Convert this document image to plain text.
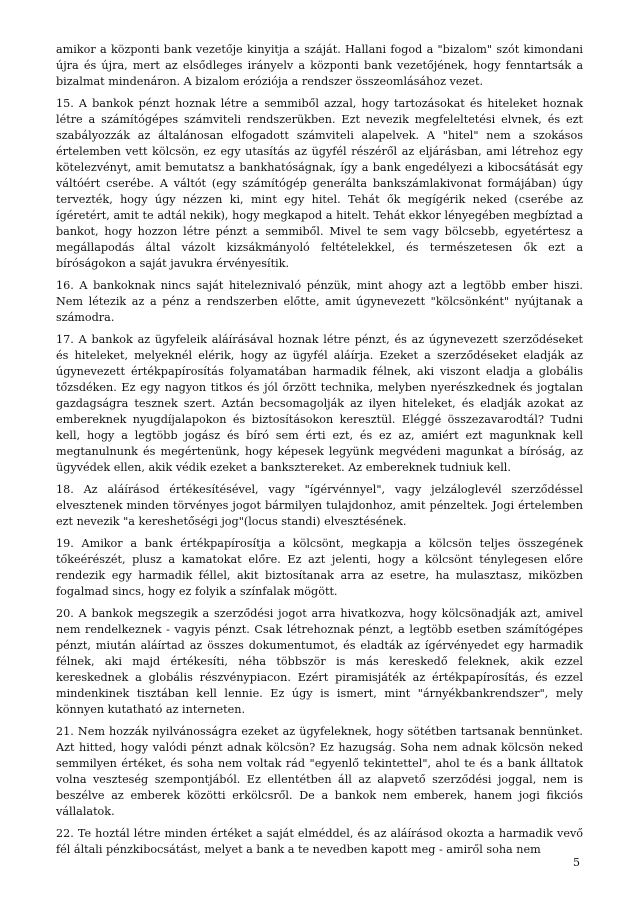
amikor a központi bank vezetője kinyitja a száját. Hallani fogod a "bizalom" szót kimondani újra és újra, mert az elsődleges irányelv a központi bank vezetőjének, hogy fenntartsák a bizalmat mindenáron. A bizalom eróziója a rendszer összeomlásához vezet.

15. A bankok pénzt hoznak létre a semmiből azzal, hogy tartozásokat és hiteleket hoznak létre a számítógépes számviteli rendszerükben. Ezt nevezik megfeleltetési elvnek, és ezt szabályozzák az általánosan elfogadott számviteli alapelvek. A "hitel" nem a szokásos értelemben vett kölcsön, ez egy utasítás az ügyfél részéről az eljárásban, ami létrehoz egy kötelezvényt, amit bemutatsz a bankhatóságnak, így a bank engedélyezi a kibocsátását egy váltóért cserébe. A váltót (egy számítógép generálta bankszámlakivonat formájában) úgy tervezték, hogy úgy nézzen ki, mint egy hitel. Tehát ők megígérik neked (cserébe az ígéretért, amit te adtál nekik), hogy megkapod a hitelt. Tehát ekkor lényegében megbíztad a bankot, hogy hozzon létre pénzt a semmiből. Mivel te sem vagy bölcsebb, egyetértesz a megállapodás által vázolt kizsákmányoló feltételekkel, és természetesen ők ezt a bíróságokon a saját javukra érvényesítik.

16. A bankoknak nincs saját hiteleznivaló pénzük, mint ahogy azt a legtöbb ember hiszi. Nem létezik az a pénz a rendszerben előtte, amit úgynevezett "kölcsönként" nyújtanak a számodra.

17. A bankok az ügyfeleik aláírásával hoznak létre pénzt, és az úgynevezett szerződéseket és hiteleket, melyeknél elérik, hogy az ügyfél aláírja. Ezeket a szerződéseket eladják az úgynevezett értékpapírosítás folyamatában harmadik félnek, aki viszont eladja a globális tőzsdéken. Ez egy nagyon titkos és jól őrzött technika, melyben nyerészkednek és jogtalan gazdagságra tesznek szert. Aztán becsomagolják az ilyen hiteleket, és eladják azokat az embereknek nyugdíjalapokon és biztosításokon keresztül. Eléggé összezavarodtál? Tudni kell, hogy a legtöbb jogász és bíró sem érti ezt, és ez az, amiért ezt magunknak kell megtanulnunk és megértenünk, hogy képesek legyünk megvédeni magunkat a bíróság, az ügyvédek ellen, akik védik ezeket a banksztereket. Az embereknek tudniuk kell.

18. Az aláírásod értékesítésével, vagy "ígérvénnyel", vagy jelzáloglevél szerződéssel elvesztenek minden törvényes jogot bármilyen tulajdonhoz, amit pénzeltek. Jogi értelemben ezt nevezik "a kereshetőségi jog"(locus standi) elvesztésének.

19. Amikor a bank értékpapírosítja a kölcsönt, megkapja a kölcsön teljes összegének tőkeérészét, plusz a kamatokat előre. Ez azt jelenti, hogy a kölcsönt ténylegesen előre rendezik egy harmadik féllel, akit biztosítanak arra az esetre, ha mulasztasz, miközben fogalmad sincs, hogy ez folyik a színfalak mögött.

20. A bankok megszegik a szerződési jogot arra hivatkozva, hogy kölcsönadják azt, amivel nem rendelkeznek - vagyis pénzt. Csak létrehoznak pénzt, a legtöbb esetben számítógépes pénzt, miután aláírtad az összes dokumentumot, és eladták az ígérvényedet egy harmadik félnek, aki majd értékesíti, néha többször is más kereskedő feleknek, akik ezzel kereskednek a globális részvénypiacon. Ezért piramisjáték az értékpapírosítás, és ezzel mindenkinek tisztában kell lennie. Ez úgy is ismert, mint "árnyékbankrendszer", mely könnyen kutatható az interneten.

21. Nem hozzák nyilvánosságra ezeket az ügyfeleknek, hogy sötétben tartsanak bennünket. Azt hitted, hogy valódi pénzt adnak kölcsön? Ez hazugság. Soha nem adnak kölcsön neked semmilyen értéket, és soha nem voltak rád "egyenlő tekintettel", ahol te és a bank álltatok volna veszteség szempontjából. Ez ellentétben áll az alapvető szerződési joggal, nem is beszélve az emberek közötti erkölcsről. De a bankok nem emberek, hanem jogi fikciós vállalatok.

22. Te hoztál létre minden értéket a saját elméddel, és az aláírásod okozta a harmadik vevő fél általi pénzkibocsátást, melyet a bank a te nevedben kapott meg - amiről soha nem

5
